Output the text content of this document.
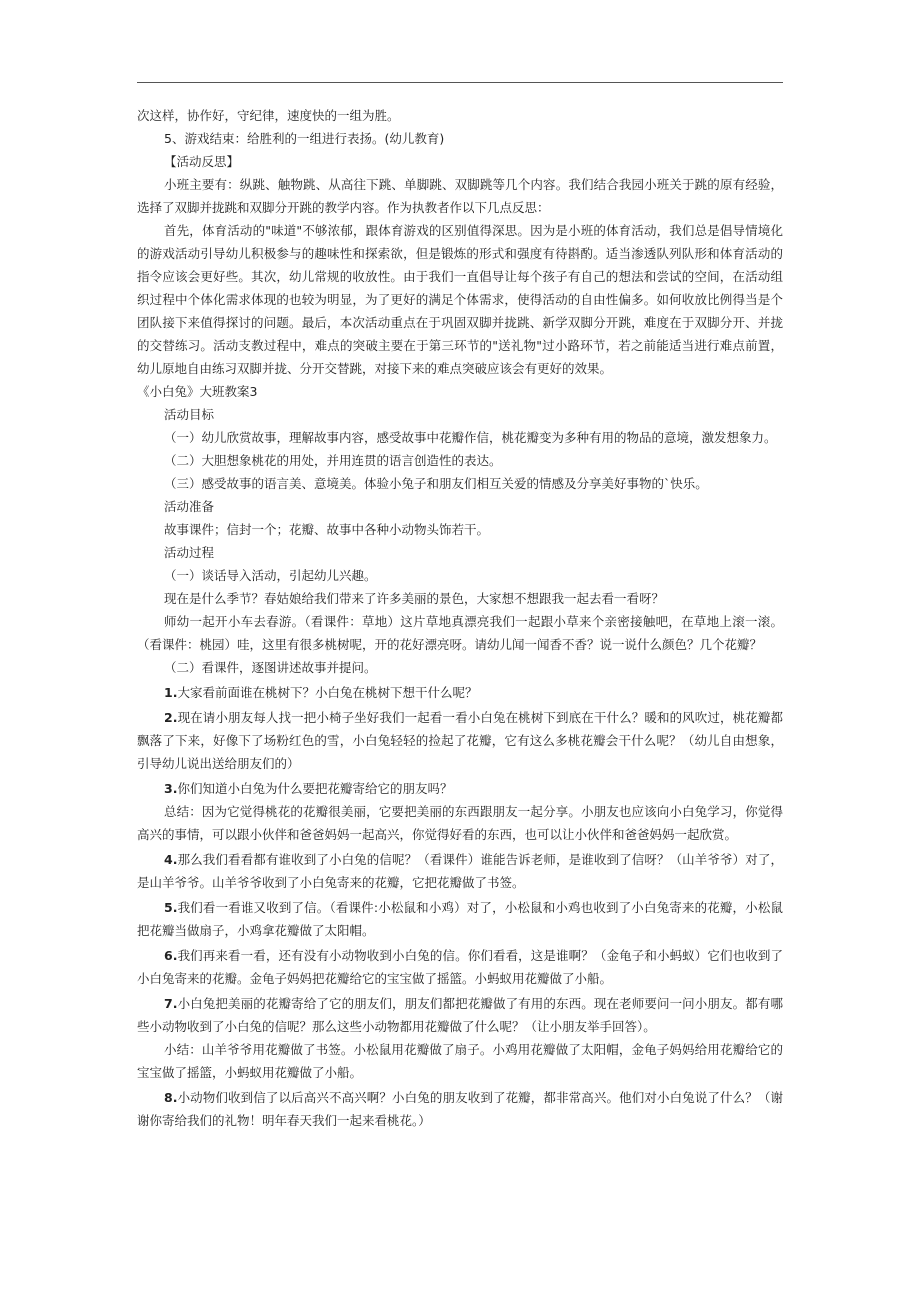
次这样，协作好，守纪律，速度快的一组为胜。

5、游戏结束：给胜利的一组进行表扬。(幼儿教育)

【活动反思】

小班主要有：纵跳、触物跳、从高往下跳、单脚跳、双脚跳等几个内容。我们结合我园小班关于跳的原有经验，选择了双脚并拢跳和双脚分开跳的教学内容。作为执教者作以下几点反思：

首先，体育活动的"味道"不够浓郁，跟体育游戏的区别值得深思。因为是小班的体育活动，我们总是倡导情境化的游戏活动引导幼儿积极参与的趣味性和探索欲，但是锻炼的形式和强度有待斟酌。适当渗透队列队形和体育活动的指令应该会更好些。其次，幼儿常规的收放性。由于我们一直倡导让每个孩子有自己的想法和尝试的空间，在活动组织过程中个体化需求体现的也较为明显，为了更好的满足个体需求，使得活动的自由性偏多。如何收放比例得当是个团队接下来值得探讨的问题。最后，本次活动重点在于巩固双脚并拢跳、新学双脚分开跳，难度在于双脚分开、并拢的交替练习。活动支教过程中，难点的突破主要在于第三环节的"送礼物"过小路环节，若之前能适当进行难点前置，幼儿原地自由练习双脚并拢、分开交替跳，对接下来的难点突破应该会有更好的效果。

《小白兔》大班教案3

活动目标

（一）幼儿欣赏故事，理解故事内容，感受故事中花瓣作信，桃花瓣变为多种有用的物品的意境，激发想象力。

（二）大胆想象桃花的用处，并用连贯的语言创造性的表达。

（三）感受故事的语言美、意境美。体验小兔子和朋友们相互关爱的情感及分享美好事物的`快乐。

活动准备

故事课件；信封一个；花瓣、故事中各种小动物头饰若干。

活动过程

（一）谈话导入活动，引起幼儿兴趣。

现在是什么季节？春姑娘给我们带来了许多美丽的景色，大家想不想跟我一起去看一看呀？

师幼一起开小车去春游。（看课件：草地）这片草地真漂亮我们一起跟小草来个亲密接触吧，在草地上滚一滚。（看课件：桃园）哇，这里有很多桃树呢，开的花好漂亮呀。请幼儿闻一闻香不香？说一说什么颜色？几个花瓣？

（二）看课件，逐图讲述故事并提问。

1.大家看前面谁在桃树下？小白兔在桃树下想干什么呢？

2.现在请小朋友每人找一把小椅子坐好我们一起看一看小白兔在桃树下到底在干什么？暖和的风吹过，桃花瓣都飘落了下来，好像下了场粉红色的雪，小白兔轻轻的捡起了花瓣，它有这么多桃花瓣会干什么呢？（幼儿自由想象，引导幼儿说出送给朋友们的）

3.你们知道小白兔为什么要把花瓣寄给它的朋友吗？

总结：因为它觉得桃花的花瓣很美丽，它要把美丽的东西跟朋友一起分享。小朋友也应该向小白兔学习，你觉得高兴的事情，可以跟小伙伴和爸爸妈妈一起高兴，你觉得好看的东西，也可以让小伙伴和爸爸妈妈一起欣赏。

4.那么我们看看都有谁收到了小白兔的信呢？（看课件）谁能告诉老师，是谁收到了信呀？（山羊爷爷）对了，是山羊爷爷。山羊爷爷收到了小白兔寄来的花瓣，它把花瓣做了书签。

5.我们看一看谁又收到了信。（看课件:小松鼠和小鸡）对了，小松鼠和小鸡也收到了小白兔寄来的花瓣，小松鼠把花瓣当做扇子，小鸡拿花瓣做了太阳帽。

6.我们再来看一看，还有没有小动物收到小白兔的信。你们看看，这是谁啊？（金龟子和小蚂蚁）它们也收到了小白兔寄来的花瓣。金龟子妈妈把花瓣给它的宝宝做了摇篮。小蚂蚁用花瓣做了小船。

7.小白兔把美丽的花瓣寄给了它的朋友们，朋友们都把花瓣做了有用的东西。现在老师要问一问小朋友。都有哪些小动物收到了小白兔的信呢？那么这些小动物都用花瓣做了什么呢？（让小朋友举手回答）。

小结：山羊爷爷用花瓣做了书签。小松鼠用花瓣做了扇子。小鸡用花瓣做了太阳帽，金龟子妈妈给用花瓣给它的宝宝做了摇篮，小蚂蚁用花瓣做了小船。

8.小动物们收到信了以后高兴不高兴啊？小白兔的朋友收到了花瓣，都非常高兴。他们对小白兔说了什么？（谢谢你寄给我们的礼物！明年春天我们一起来看桃花。）
